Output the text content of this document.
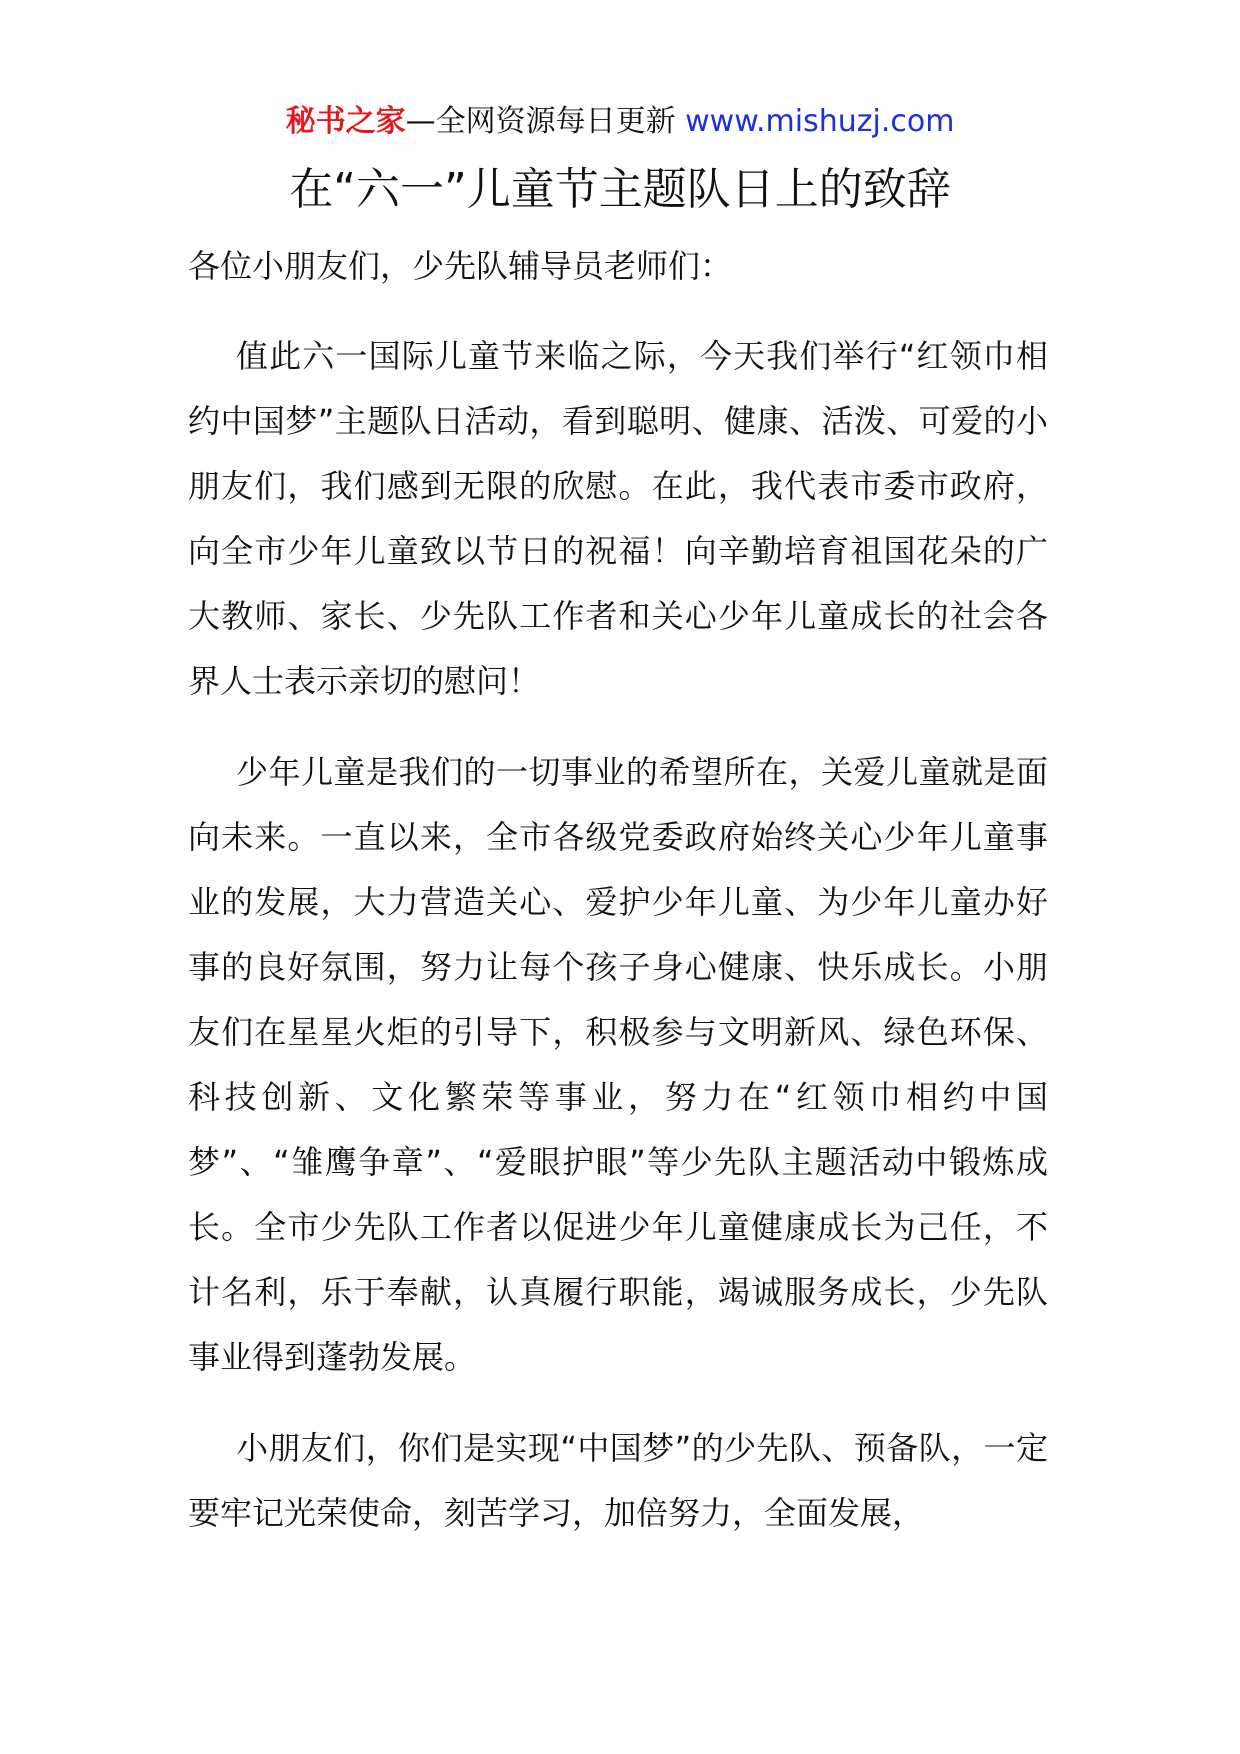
秘书之家—全网资源每日更新 www.mishuzj.com
在“六一”儿童节主题队日上的致辞

各位小朋友们，少先队辅导员老师们：

值此六一国际儿童节来临之际，今天我们举行“红领巾相约中国梦”主题队日活动，看到聪明、健康、活泼、可爱的小朋友们，我们感到无限的欣慰。在此，我代表市委市政府，向全市少年儿童致以节日的祝福！向辛勤培育祖国花朵的广大教师、家长、少先队工作者和关心少年儿童成长的社会各界人士表示亲切的慰问！

少年儿童是我们的一切事业的希望所在，关爱儿童就是面向未来。一直以来，全市各级党委政府始终关心少年儿童事业的发展，大力营造关心、爱护少年儿童、为少年儿童办好事的良好氛围，努力让每个孩子身心健康、快乐成长。小朋友们在星星火炬的引导下，积极参与文明新风、绿色环保、科技创新、文化繁荣等事业，努力在“红领巾相约中国梦”、“雏鹰争章”、“爱眼护眼”等少先队主题活动中锻炼成长。全市少先队工作者以促进少年儿童健康成长为己任，不计名利，乐于奉献，认真履行职能，竭诚服务成长，少先队事业得到蓬勃发展。

小朋友们，你们是实现“中国梦”的少先队、预备队，一定要牢记光荣使命，刻苦学习，加倍努力，全面发展，
